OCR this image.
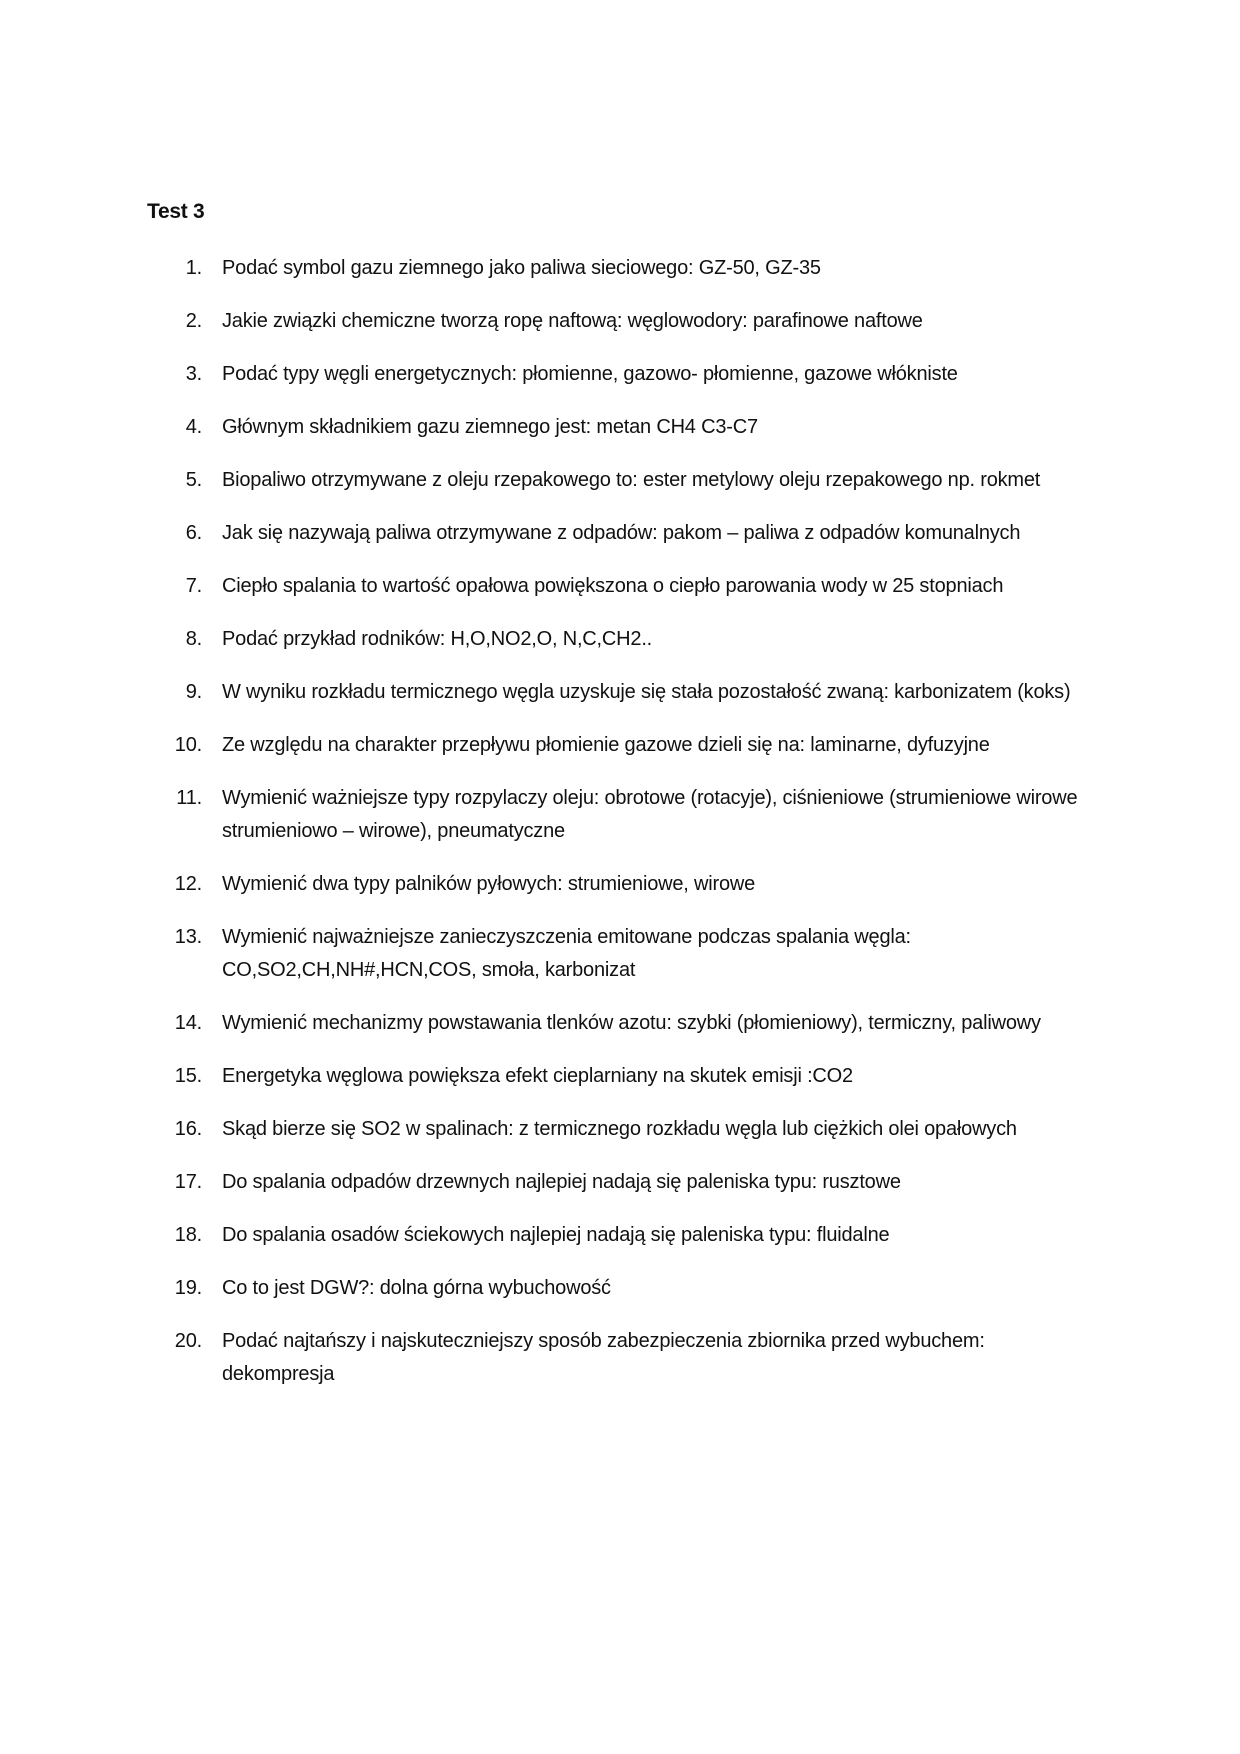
Test 3
1. Podać symbol gazu ziemnego jako paliwa sieciowego: GZ-50, GZ-35
2. Jakie związki chemiczne tworzą ropę naftową: węglowodory: parafinowe naftowe
3. Podać typy węgli energetycznych: płomienne, gazowo- płomienne, gazowe włókniste
4. Głównym składnikiem gazu ziemnego jest: metan CH4 C3-C7
5. Biopaliwo otrzymywane z oleju rzepakowego to: ester metylowy oleju rzepakowego np. rokmet
6. Jak się nazywają paliwa otrzymywane z odpadów: pakom – paliwa z odpadów komunalnych
7. Ciepło spalania to wartość opałowa powiększona o ciepło parowania wody w 25 stopniach
8. Podać przykład rodników: H,O,NO2,O, N,C,CH2..
9. W wyniku rozkładu termicznego węgla uzyskuje się stała pozostałość zwaną: karbonizatem (koks)
10. Ze względu na charakter przepływu płomienie gazowe dzieli się na: laminarne, dyfuzyjne
11. Wymienić ważniejsze typy rozpylaczy oleju: obrotowe (rotacyje), ciśnieniowe (strumieniowe wirowe strumieniowo – wirowe), pneumatyczne
12. Wymienić dwa typy palników pyłowych: strumieniowe, wirowe
13. Wymienić najważniejsze zanieczyszczenia emitowane podczas spalania węgla: CO,SO2,CH,NH#,HCN,COS, smoła, karbonizat
14. Wymienić mechanizmy powstawania tlenków azotu: szybki (płomieniowy), termiczny, paliwowy
15. Energetyka węglowa powiększa efekt cieplarniany na skutek emisji :CO2
16. Skąd bierze się SO2 w spalinach: z termicznego rozkładu węgla lub ciężkich olei opałowych
17. Do spalania odpadów drzewnych najlepiej nadają się paleniska typu: rusztowe
18. Do spalania osadów ściekowych najlepiej nadają się paleniska typu: fluidalne
19. Co to jest DGW?: dolna górna wybuchowość
20. Podać najtańszy i najskuteczniejszy sposób zabezpieczenia zbiornika przed wybuchem: dekompresja
